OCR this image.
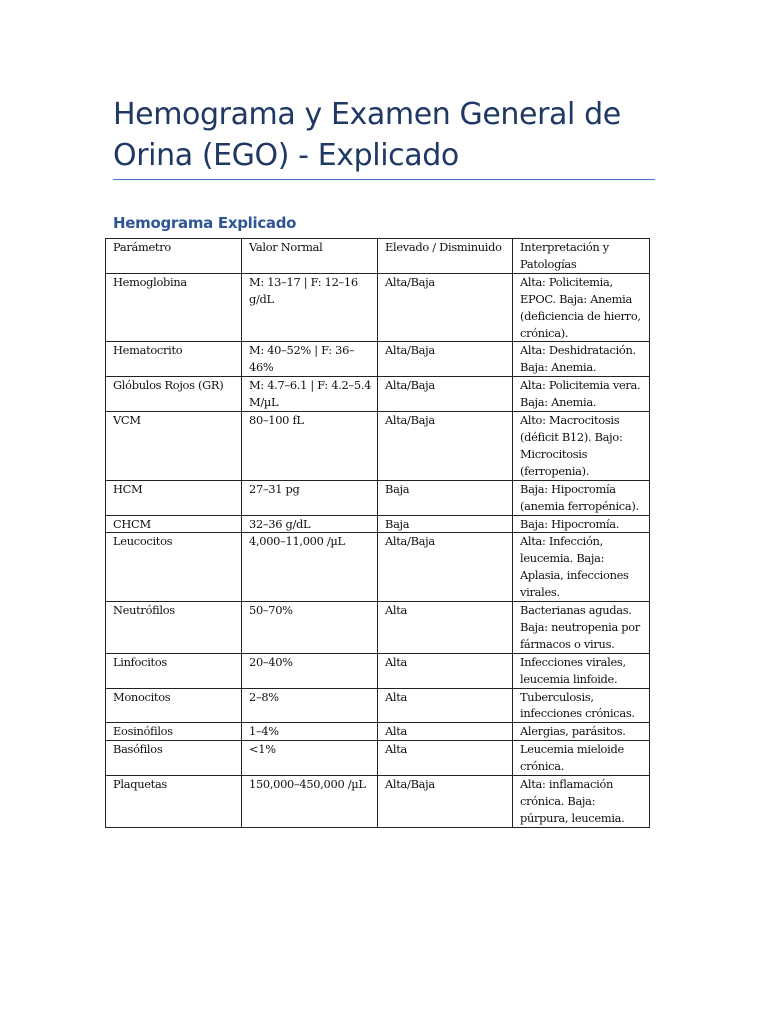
Hemograma y Examen General de Orina (EGO) - Explicado
Hemograma Explicado
Parámetro	Valor Normal	Elevado / Disminuido	Interpretación y Patologías
Hemoglobina	M: 13–17 | F: 12–16 g/dL	Alta/Baja	Alta: Policitemia, EPOC. Baja: Anemia (deficiencia de hierro, crónica).
Hematocrito	M: 40–52% | F: 36–46%	Alta/Baja	Alta: Deshidratación. Baja: Anemia.
Glóbulos Rojos (GR)	M: 4.7–6.1 | F: 4.2–5.4 M/µL	Alta/Baja	Alta: Policitemia vera. Baja: Anemia.
VCM	80–100 fL	Alta/Baja	Alto: Macrocitosis (déficit B12). Bajo: Microcitosis (ferropenia).
HCM	27–31 pg	Baja	Baja: Hipocromía (anemia ferropénica).
CHCM	32–36 g/dL	Baja	Baja: Hipocromía.
Leucocitos	4,000–11,000 /µL	Alta/Baja	Alta: Infección, leucemia. Baja: Aplasia, infecciones virales.
Neutrófilos	50–70%	Alta	Bacterianas agudas. Baja: neutropenia por fármacos o virus.
Linfocitos	20–40%	Alta	Infecciones virales, leucemia linfoide.
Monocitos	2–8%	Alta	Tuberculosis, infecciones crónicas.
Eosinófilos	1–4%	Alta	Alergias, parásitos.
Basófilos	<1%	Alta	Leucemia mieloide crónica.
Plaquetas	150,000–450,000 /µL	Alta/Baja	Alta: inflamación crónica. Baja: púrpura, leucemia.
